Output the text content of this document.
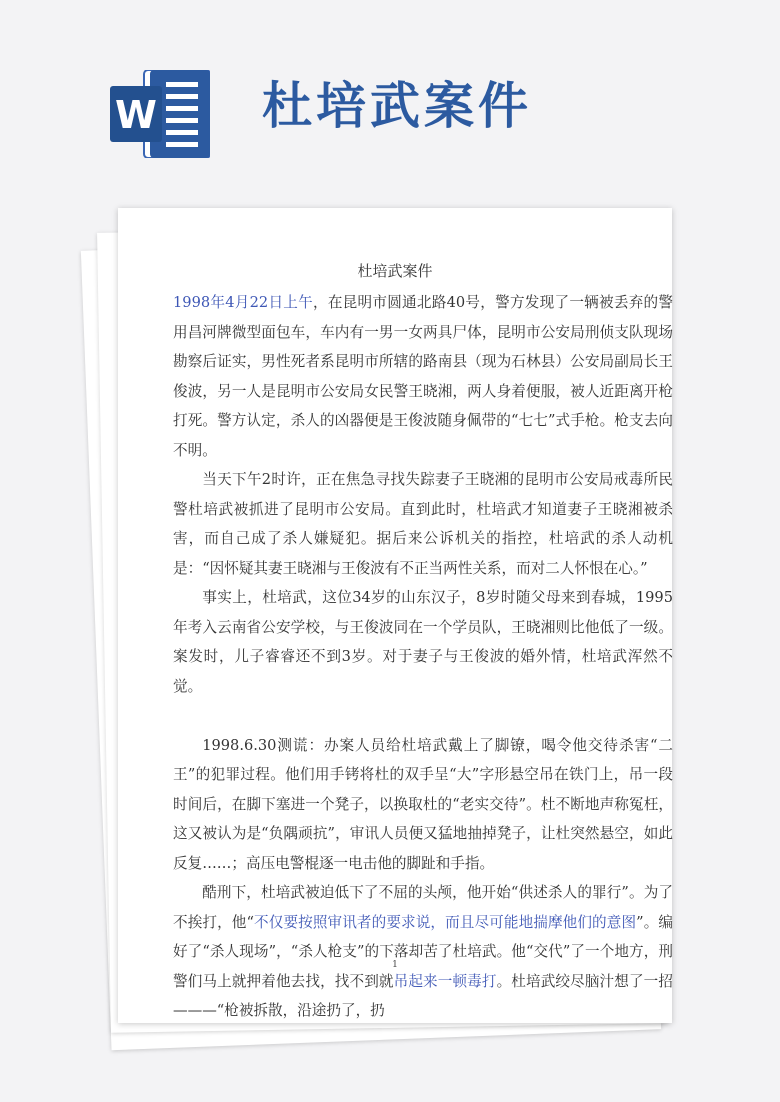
W 杜培武案件
杜培武案件

1998年4月22日上午，在昆明市圆通北路40号，警方发现了一辆被丢弃的警用昌河牌微型面包车，车内有一男一女两具尸体，昆明市公安局刑侦支队现场勘察后证实，男性死者系昆明市所辖的路南县（现为石林县）公安局副局长王俊波，另一人是昆明市公安局女民警王晓湘，两人身着便服，被人近距离开枪打死。警方认定，杀人的凶器便是王俊波随身佩带的“七七”式手枪。枪支去向不明。

当天下午2时许，正在焦急寻找失踪妻子王晓湘的昆明市公安局戒毒所民警杜培武被抓进了昆明市公安局。直到此时，杜培武才知道妻子王晓湘被杀害，而自己成了杀人嫌疑犯。据后来公诉机关的指控，杜培武的杀人动机是：“因怀疑其妻王晓湘与王俊波有不正当两性关系，而对二人怀恨在心。”

事实上，杜培武，这位34岁的山东汉子，8岁时随父母来到春城，1995年考入云南省公安学校，与王俊波同在一个学员队，王晓湘则比他低了一级。案发时，儿子睿睿还不到3岁。对于妻子与王俊波的婚外情，杜培武浑然不觉。

1998.6.30测谎：办案人员给杜培武戴上了脚镣，喝令他交待杀害“二王”的犯罪过程。他们用手铐将杜的双手呈“大”字形悬空吊在铁门上，吊一段时间后，在脚下塞进一个凳子，以换取杜的“老实交待”。杜不断地声称冤枉，这又被认为是“负隅顽抗”，审讯人员便又猛地抽掉凳子，让杜突然悬空，如此反复……；高压电警棍逐一电击他的脚趾和手指。

酷刑下，杜培武被迫低下了不屈的头颅，他开始“供述杀人的罪行”。为了不挨打，他“不仅要按照审讯者的要求说，而且尽可能地揣摩他们的意图”。编好了“杀人现场”，“杀人枪支”的下落却苦了杜培武。他“交代”了一个地方，刑警们马上就押着他去找，找不到就吊起来一顿毒打。杜培武绞尽脑汁想了一招———“枪被拆散，沿途扔了，扔

1
